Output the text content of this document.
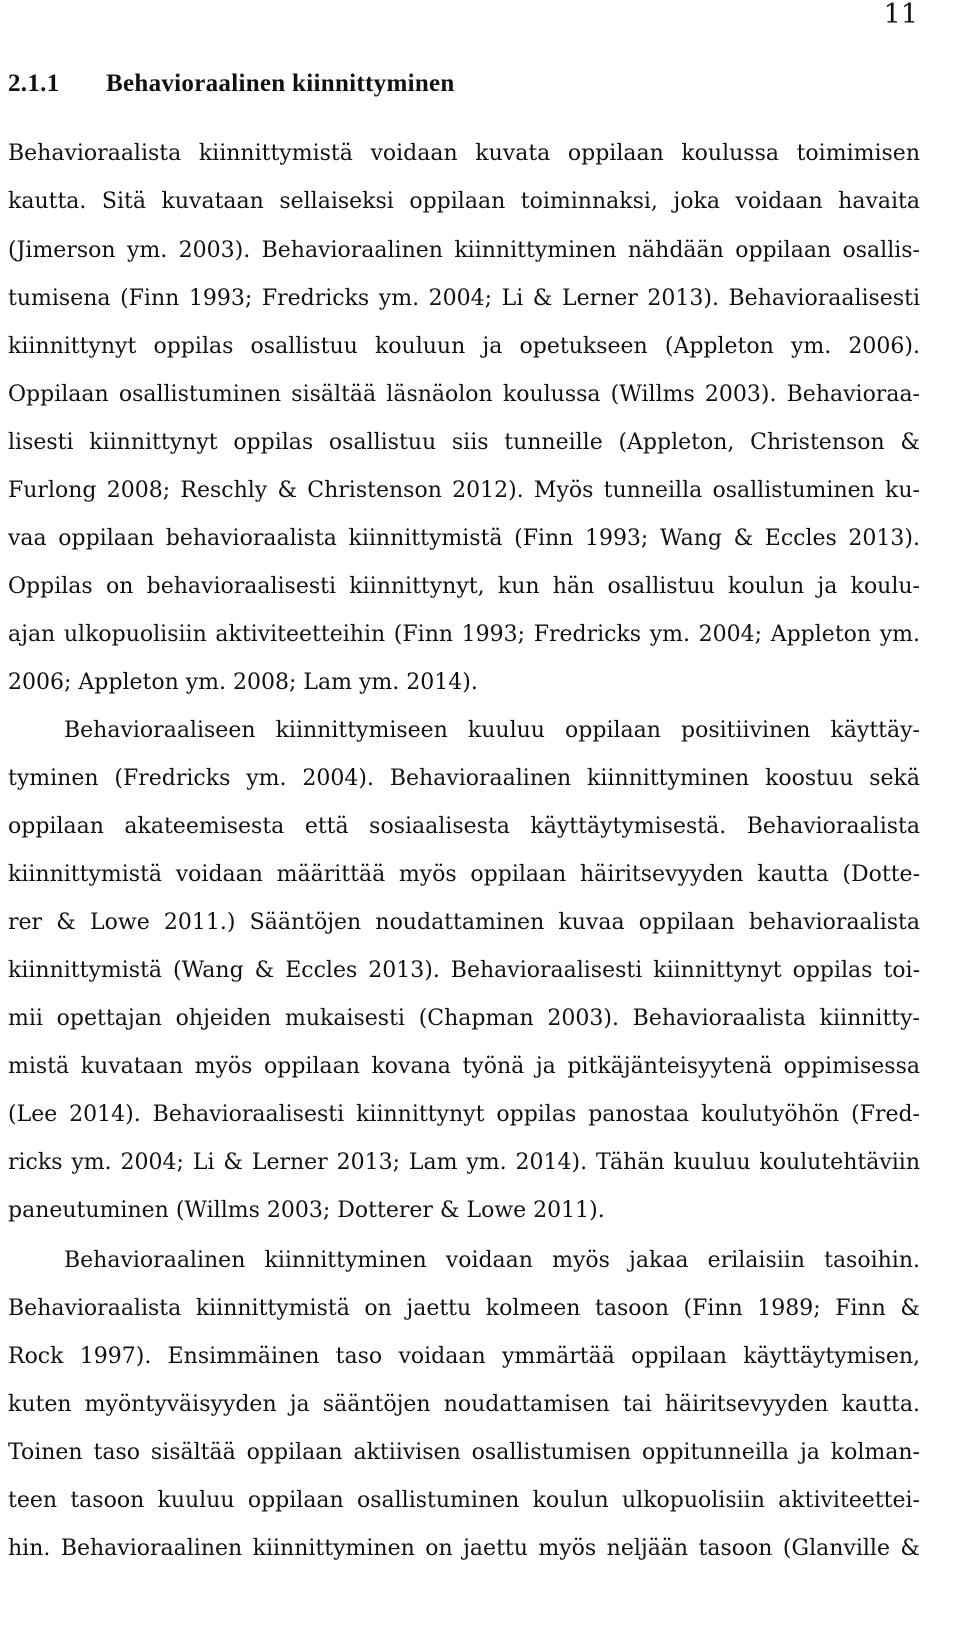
11
2.1.1 Behavioraalinen kiinnittyminen
Behavioraalista kiinnittymistä voidaan kuvata oppilaan koulussa toimimisen
kautta. Sitä kuvataan sellaiseksi oppilaan toiminnaksi, joka voidaan havaita
(Jimerson ym. 2003). Behavioraalinen kiinnittyminen nähdään oppilaan osallis-
tumisena (Finn 1993; Fredricks ym. 2004; Li & Lerner 2013). Behavioraalisesti
kiinnittynyt oppilas osallistuu kouluun ja opetukseen (Appleton ym. 2006).
Oppilaan osallistuminen sisältää läsnäolon koulussa (Willms 2003). Behavioraa-
lisesti kiinnittynyt oppilas osallistuu siis tunneille (Appleton, Christenson &
Furlong 2008; Reschly & Christenson 2012). Myös tunneilla osallistuminen ku-
vaa oppilaan behavioraalista kiinnittymistä (Finn 1993; Wang & Eccles 2013).
Oppilas on behavioraalisesti kiinnittynyt, kun hän osallistuu koulun ja koulu-
ajan ulkopuolisiin aktiviteetteihin (Finn 1993; Fredricks ym. 2004; Appleton ym.
2006; Appleton ym. 2008; Lam ym. 2014).
Behavioraaliseen kiinnittymiseen kuuluu oppilaan positiivinen käyttäy-
tyminen (Fredricks ym. 2004). Behavioraalinen kiinnittyminen koostuu sekä
oppilaan akateemisesta että sosiaalisesta käyttäytymisestä. Behavioraalista
kiinnittymistä voidaan määrittää myös oppilaan häiritsevyyden kautta (Dotte-
rer & Lowe 2011.) Sääntöjen noudattaminen kuvaa oppilaan behavioraalista
kiinnittymistä (Wang & Eccles 2013). Behavioraalisesti kiinnittynyt oppilas toi-
mii opettajan ohjeiden mukaisesti (Chapman 2003). Behavioraalista kiinnitty-
mistä kuvataan myös oppilaan kovana työnä ja pitkäjänteisyytenä oppimisessa
(Lee 2014). Behavioraalisesti kiinnittynyt oppilas panostaa koulutyöhön (Fred-
ricks ym. 2004; Li & Lerner 2013; Lam ym. 2014). Tähän kuuluu koulutehtäviin
paneutuminen (Willms 2003; Dotterer & Lowe 2011).
Behavioraalinen kiinnittyminen voidaan myös jakaa erilaisiin tasoihin.
Behavioraalista kiinnittymistä on jaettu kolmeen tasoon (Finn 1989; Finn &
Rock 1997). Ensimmäinen taso voidaan ymmärtää oppilaan käyttäytymisen,
kuten myöntyväisyyden ja sääntöjen noudattamisen tai häiritsevyyden kautta.
Toinen taso sisältää oppilaan aktiivisen osallistumisen oppitunneilla ja kolman-
teen tasoon kuuluu oppilaan osallistuminen koulun ulkopuolisiin aktiviteettei-
hin. Behavioraalinen kiinnittyminen on jaettu myös neljään tasoon (Glanville &
